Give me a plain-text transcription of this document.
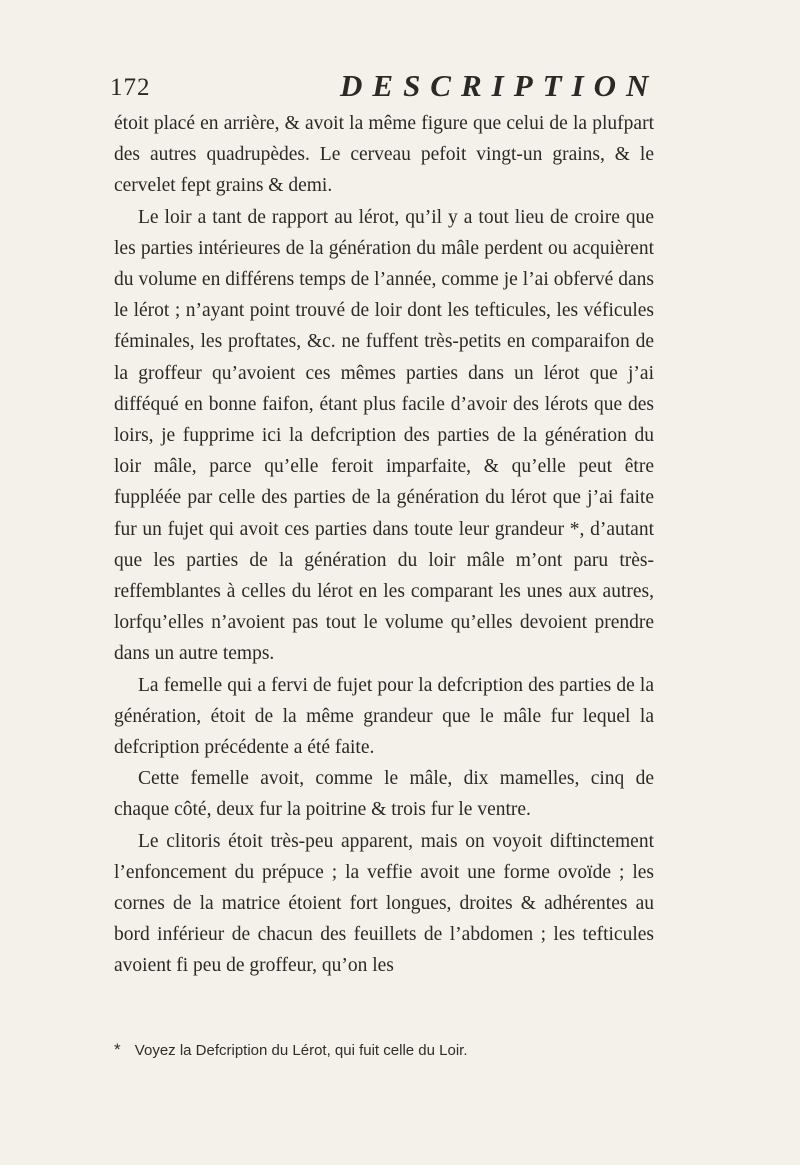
172	DESCRIPTION

étoit placé en arrière, & avoit la même figure que celui de la plufpart des autres quadrupèdes. Le cerveau pefoit vingt-un grains, & le cervelet fept grains & demi.

Le loir a tant de rapport au lérot, qu’il y a tout lieu de croire que les parties intérieures de la génération du mâle perdent ou acquièrent du volume en différens temps de l’année, comme je l’ai obfervé dans le lérot ; n’ayant point trouvé de loir dont les tefticules, les véficules féminales, les proftates, &c. ne fuffent très-petits en comparaifon de la groffeur qu’avoient ces mêmes parties dans un lérot que j’ai difféqué en bonne faifon, étant plus facile d’avoir des lérots que des loirs, je fupprime ici la defcription des parties de la génération du loir mâle, parce qu’elle feroit imparfaite, & qu’elle peut être fuppléée par celle des parties de la génération du lérot que j’ai faite fur un fujet qui avoit ces parties dans toute leur grandeur *, d’autant que les parties de la génération du loir mâle m’ont paru très-reffemblantes à celles du lérot en les comparant les unes aux autres, lorfqu’elles n’avoient pas tout le volume qu’elles devoient prendre dans un autre temps.

La femelle qui a fervi de fujet pour la defcription des parties de la génération, étoit de la même grandeur que le mâle fur lequel la defcription précédente a été faite.

Cette femelle avoit, comme le mâle, dix mamelles, cinq de chaque côté, deux fur la poitrine & trois fur le ventre.

Le clitoris étoit très-peu apparent, mais on voyoit diftinctement l’enfoncement du prépuce ; la veffie avoit une forme ovoïde ; les cornes de la matrice étoient fort longues, droites & adhérentes au bord inférieur de chacun des feuillets de l’abdomen ; les tefticules avoient fi peu de groffeur, qu’on les

* Voyez la Defcription du Lérot, qui fuit celle du Loir.
